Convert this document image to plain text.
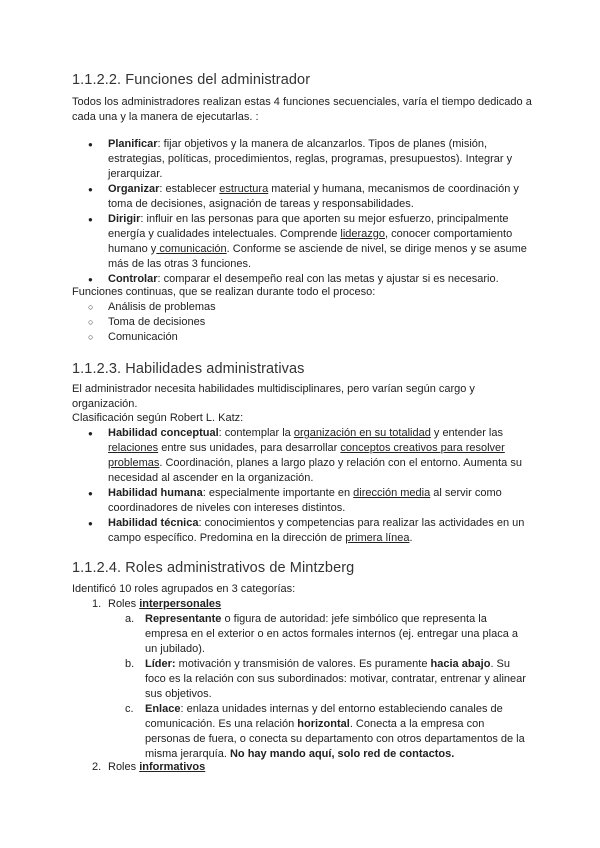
1.1.2.2. Funciones del administrador

Todos los administradores realizan estas 4 funciones secuenciales, varía el tiempo dedicado a cada una y la manera de ejecutarlas. :

● Planificar: fijar objetivos y la manera de alcanzarlos. Tipos de planes (misión, estrategias, políticas, procedimientos, reglas, programas, presupuestos). Integrar y jerarquizar.
● Organizar: establecer estructura material y humana, mecanismos de coordinación y toma de decisiones, asignación de tareas y responsabilidades.
● Dirigir: influir en las personas para que aporten su mejor esfuerzo, principalmente energía y cualidades intelectuales. Comprende liderazgo, conocer comportamiento humano y comunicación. Conforme se asciende de nivel, se dirige menos y se asume más de las otras 3 funciones.
● Controlar: comparar el desempeño real con las metas y ajustar si es necesario.

Funciones continuas, que se realizan durante todo el proceso:

○ Análisis de problemas
○ Toma de decisiones
○ Comunicación
1.1.2.3. Habilidades administrativas

El administrador necesita habilidades multidisciplinares, pero varían según cargo y organización.

Clasificación según Robert L. Katz:

● Habilidad conceptual: contemplar la organización en su totalidad y entender las relaciones entre sus unidades, para desarrollar conceptos creativos para resolver problemas. Coordinación, planes a largo plazo y relación con el entorno. Aumenta su necesidad al ascender en la organización.
● Habilidad humana: especialmente importante en dirección media al servir como coordinadores de niveles con intereses distintos.
● Habilidad técnica: conocimientos y competencias para realizar las actividades en un campo específico. Predomina en la dirección de primera línea.
1.1.2.4. Roles administrativos de Mintzberg

Identificó 10 roles agrupados en 3 categorías:

1. Roles interpersonales
a. Representante o figura de autoridad: jefe simbólico que representa la empresa en el exterior o en actos formales internos (ej. entregar una placa a un jubilado).
b. Líder: motivación y transmisión de valores. Es puramente hacia abajo. Su foco es la relación con sus subordinados: motivar, contratar, entrenar y alinear sus objetivos.
c. Enlace: enlaza unidades internas y del entorno estableciendo canales de comunicación. Es una relación horizontal. Conecta a la empresa con personas de fuera, o conecta su departamento con otros departamentos de la misma jerarquía. No hay mando aquí, solo red de contactos.
2. Roles informativos
